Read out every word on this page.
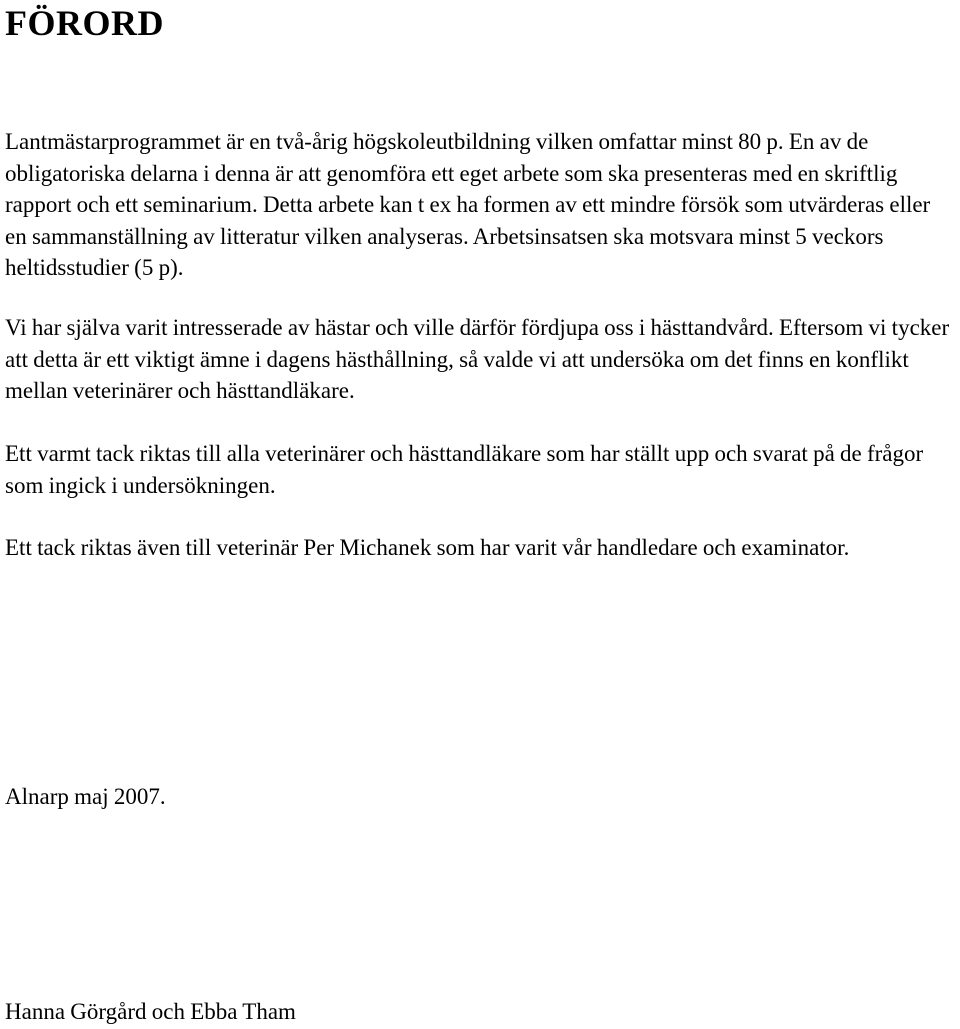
FÖRORD

Lantmästarprogrammet är en två-årig högskoleutbildning vilken omfattar minst 80 p. En av de obligatoriska delarna i denna är att genomföra ett eget arbete som ska presenteras med en skriftlig rapport och ett seminarium. Detta arbete kan t ex ha formen av ett mindre försök som utvärderas eller en sammanställning av litteratur vilken analyseras. Arbetsinsatsen ska motsvara minst 5 veckors heltidsstudier (5 p).

Vi har själva varit intresserade av hästar och ville därför fördjupa oss i hästtandvård. Eftersom vi tycker att detta är ett viktigt ämne i dagens hästhållning, så valde vi att undersöka om det finns en konflikt mellan veterinärer och hästtandläkare.

Ett varmt tack riktas till alla veterinärer och hästtandläkare som har ställt upp och svarat på de frågor som ingick i undersökningen.

Ett tack riktas även till veterinär Per Michanek som har varit vår handledare och examinator.

Alnarp maj 2007.

Hanna Görgård och Ebba Tham
